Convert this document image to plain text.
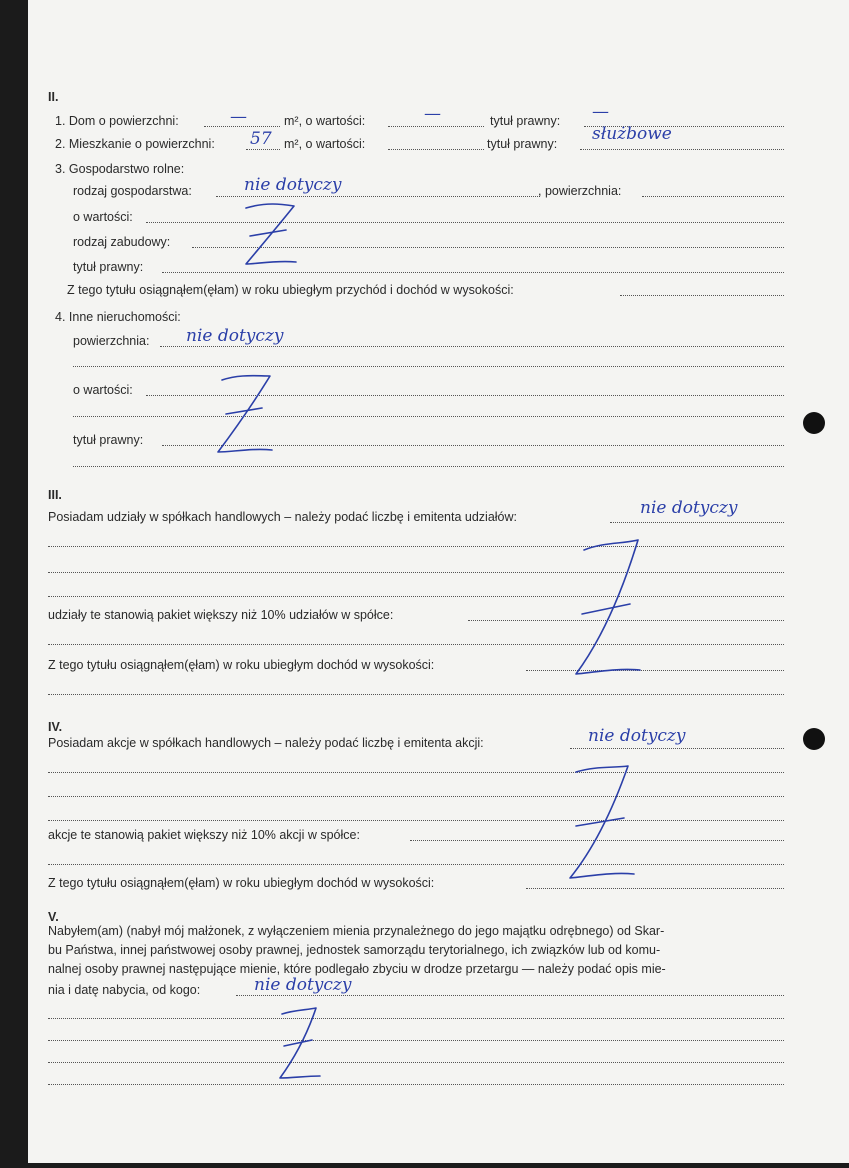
II.
1. Dom o powierzchni:	—	m², o wartości:	—	tytuł prawny: —
2. Mieszkanie o powierzchni: 57 m², o wartości:	tytuł prawny: służbowe
3. Gospodarstwo rolne:
rodzaj gospodarstwa:	nie dotyczy	, powierzchnia:
o wartości:
rodzaj zabudowy:
tytuł prawny:
Z tego tytułu osiągnąłem(ęłam) w roku ubiegłym przychód i dochód w wysokości:
4. Inne nieruchomości:
powierzchnia: nie dotyczy
o wartości:
tytuł prawny:
III.
Posiadam udziały w spółkach handlowych – należy podać liczbę i emitenta udziałów:	nie dotyczy
udziały te stanowią pakiet większy niż 10% udziałów w spółce:
Z tego tytułu osiągnąłem(ęłam) w roku ubiegłym dochód w wysokości:
IV.
Posiadam akcje w spółkach handlowych – należy podać liczbę i emitenta akcji:	nie dotyczy
akcje te stanowią pakiet większy niż 10% akcji w spółce:
Z tego tytułu osiągnąłem(ęłam) w roku ubiegłym dochód w wysokości:
V.
Nabyłem(am) (nabył mój małżonek, z wyłączeniem mienia przynależnego do jego majątku odrębnego) od Skar-
bu Państwa, innej państwowej osoby prawnej, jednostek samorządu terytorialnego, ich związków lub od komu-
nalnej osoby prawnej następujące mienie, które podlegało zbyciu w drodze przetargu — należy podać opis mie-
nia i datę nabycia, od kogo:	nie dotyczy
